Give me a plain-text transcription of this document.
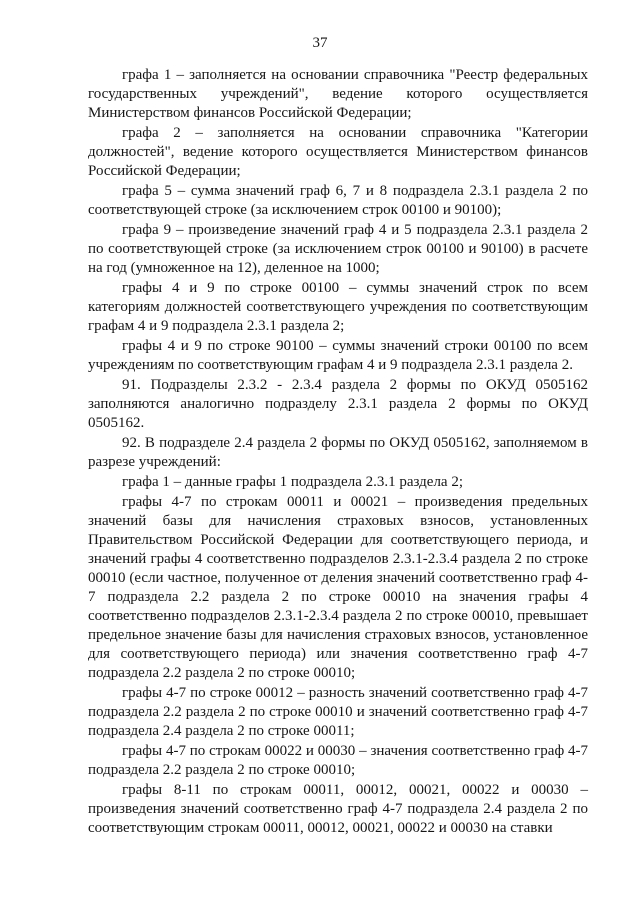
37

графа 1 – заполняется на основании справочника "Реестр федеральных государственных учреждений", ведение которого осуществляется Министерством финансов Российской Федерации;

графа 2 – заполняется на основании справочника "Категории должностей", ведение которого осуществляется Министерством финансов Российской Федерации;

графа 5 – сумма значений граф 6, 7 и 8 подраздела 2.3.1 раздела 2 по соответствующей строке (за исключением строк 00100 и 90100);

графа 9 – произведение значений граф 4 и 5 подраздела 2.3.1 раздела 2 по соответствующей строке (за исключением строк 00100 и 90100) в расчете на год (умноженное на 12), деленное на 1000;

графы 4 и 9 по строке 00100 – суммы значений строк по всем категориям должностей соответствующего учреждения по соответствующим графам 4 и 9 подраздела 2.3.1 раздела 2;

графы 4 и 9 по строке 90100 – суммы значений строки 00100 по всем учреждениям по соответствующим графам 4 и 9 подраздела 2.3.1 раздела 2.

91. Подразделы 2.3.2 - 2.3.4 раздела 2 формы по ОКУД 0505162 заполняются аналогично подразделу 2.3.1 раздела 2 формы по ОКУД 0505162.

92. В подразделе 2.4 раздела 2 формы по ОКУД 0505162, заполняемом в разрезе учреждений:

графа 1 – данные графы 1 подраздела 2.3.1 раздела 2;

графы 4-7 по строкам 00011 и 00021 – произведения предельных значений базы для начисления страховых взносов, установленных Правительством Российской Федерации для соответствующего периода, и значений графы 4 соответственно подразделов 2.3.1-2.3.4 раздела 2 по строке 00010 (если частное, полученное от деления значений соответственно граф 4-7 подраздела 2.2 раздела 2 по строке 00010 на значения графы 4 соответственно подразделов 2.3.1-2.3.4 раздела 2 по строке 00010, превышает предельное значение базы для начисления страховых взносов, установленное для соответствующего периода) или значения соответственно граф 4-7 подраздела 2.2 раздела 2 по строке 00010;

графы 4-7 по строке 00012 – разность значений соответственно граф 4-7 подраздела 2.2 раздела 2 по строке 00010 и значений соответственно граф 4-7 подраздела 2.4 раздела 2 по строке 00011;

графы 4-7 по строкам 00022 и 00030 – значения соответственно граф 4-7 подраздела 2.2 раздела 2 по строке 00010;

графы 8-11 по строкам 00011, 00012, 00021, 00022 и 00030 – произведения значений соответственно граф 4-7 подраздела 2.4 раздела 2 по соответствующим строкам 00011, 00012, 00021, 00022 и 00030 на ставки
